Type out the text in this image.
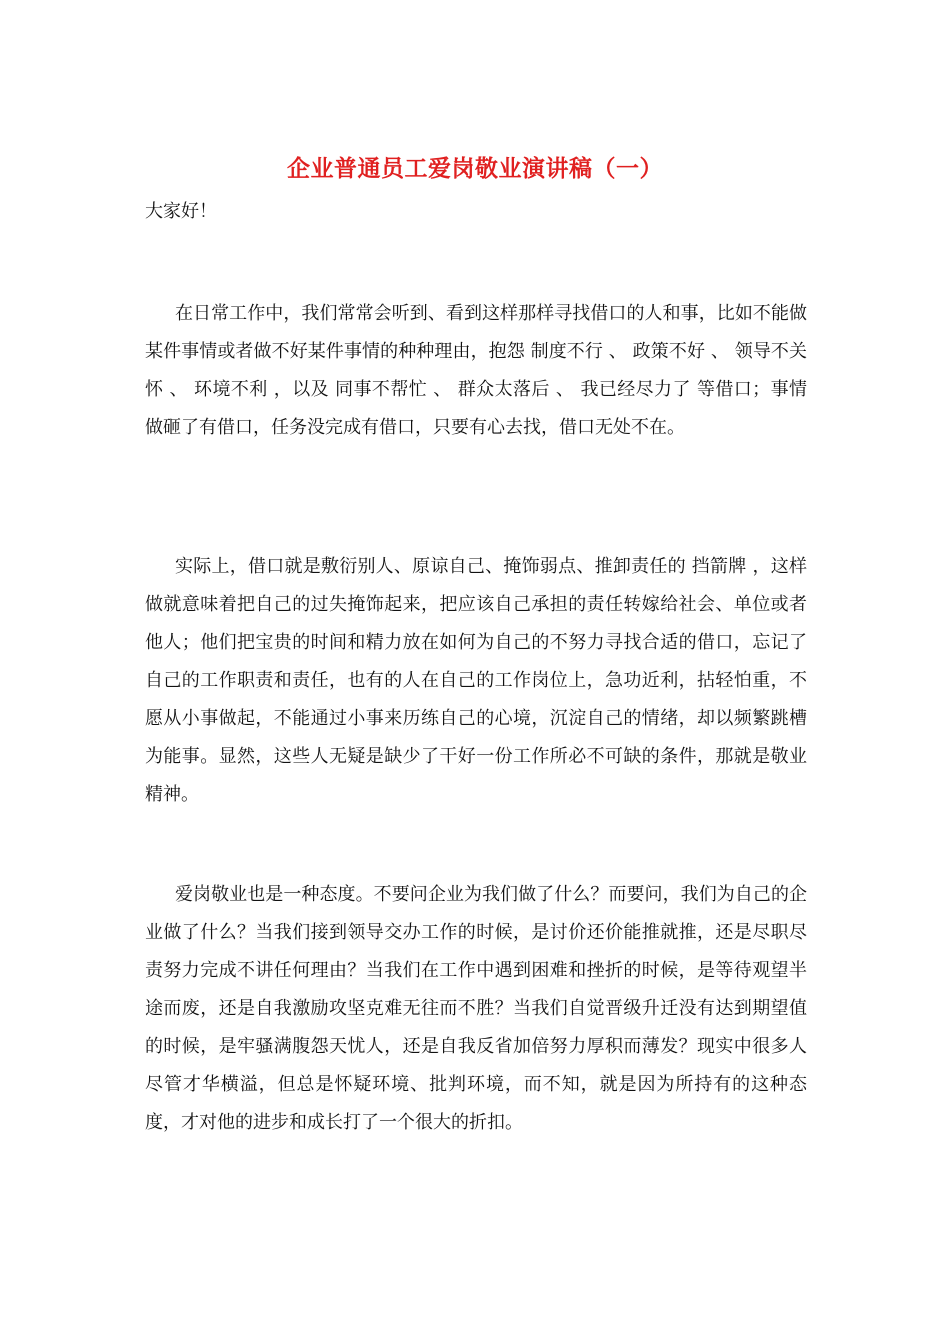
企业普通员工爱岗敬业演讲稿（一）
大家好！

在日常工作中，我们常常会听到、看到这样那样寻找借口的人和事，比如不能做某件事情或者做不好某件事情的种种理由，抱怨 制度不行 、 政策不好 、 领导不关怀 、 环境不利 ，以及 同事不帮忙 、 群众太落后 、 我已经尽力了 等借口；事情做砸了有借口，任务没完成有借口，只要有心去找，借口无处不在。

实际上，借口就是敷衍别人、原谅自己、掩饰弱点、推卸责任的 挡箭牌 ，这样做就意味着把自己的过失掩饰起来，把应该自己承担的责任转嫁给社会、单位或者他人；他们把宝贵的时间和精力放在如何为自己的不努力寻找合适的借口，忘记了自己的工作职责和责任，也有的人在自己的工作岗位上，急功近利，拈轻怕重，不愿从小事做起，不能通过小事来历练自己的心境，沉淀自己的情绪，却以频繁跳槽为能事。显然，这些人无疑是缺少了干好一份工作所必不可缺的条件，那就是敬业精神。

爱岗敬业也是一种态度。不要问企业为我们做了什么？而要问，我们为自己的企业做了什么？当我们接到领导交办工作的时候，是讨价还价能推就推，还是尽职尽责努力完成不讲任何理由？当我们在工作中遇到困难和挫折的时候，是等待观望半途而废，还是自我激励攻坚克难无往而不胜？当我们自觉晋级升迁没有达到期望值的时候，是牢骚满腹怨天忧人，还是自我反省加倍努力厚积而薄发？现实中很多人尽管才华横溢，但总是怀疑环境、批判环境，而不知，就是因为所持有的这种态度，才对他的进步和成长打了一个很大的折扣。
